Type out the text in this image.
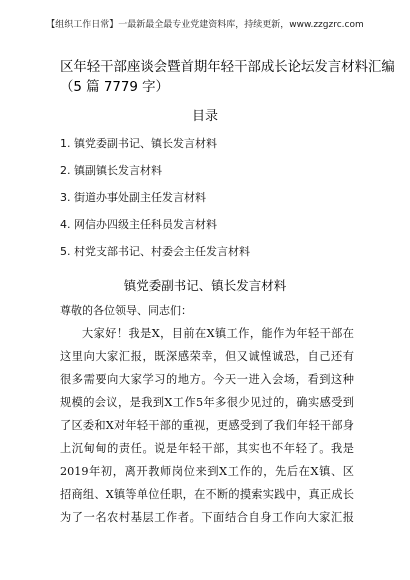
【组织工作日常】一最新最全最专业党建资料库，持续更新，www.zzgzrc.com
区年轻干部座谈会暨首期年轻干部成长论坛发言材料汇编
（5 篇 7779 字）
目录
1. 镇党委副书记、镇长发言材料
2. 镇副镇长发言材料
3. 街道办事处副主任发言材料
4. 网信办四级主任科员发言材料
5. 村党支部书记、村委会主任发言材料
镇党委副书记、镇长发言材料
尊敬的各位领导、同志们：
大家好！我是X，目前在X镇工作，能作为年轻干部在
这里向大家汇报，既深感荣幸，但又诚惶诚恐，自己还有
很多需要向大家学习的地方。今天一进入会场，看到这种
规模的会议，是我到X工作5年多很少见过的，确实感受到
了区委和X对年轻干部的重视，更感受到了我们年轻干部身
上沉甸甸的责任。说是年轻干部，其实也不年轻了。我是
2019年初，离开教师岗位来到X工作的，先后在X镇、区
招商组、X镇等单位任职，在不断的摸索实践中，真正成长
为了一名农村基层工作者。下面结合自身工作向大家汇报
